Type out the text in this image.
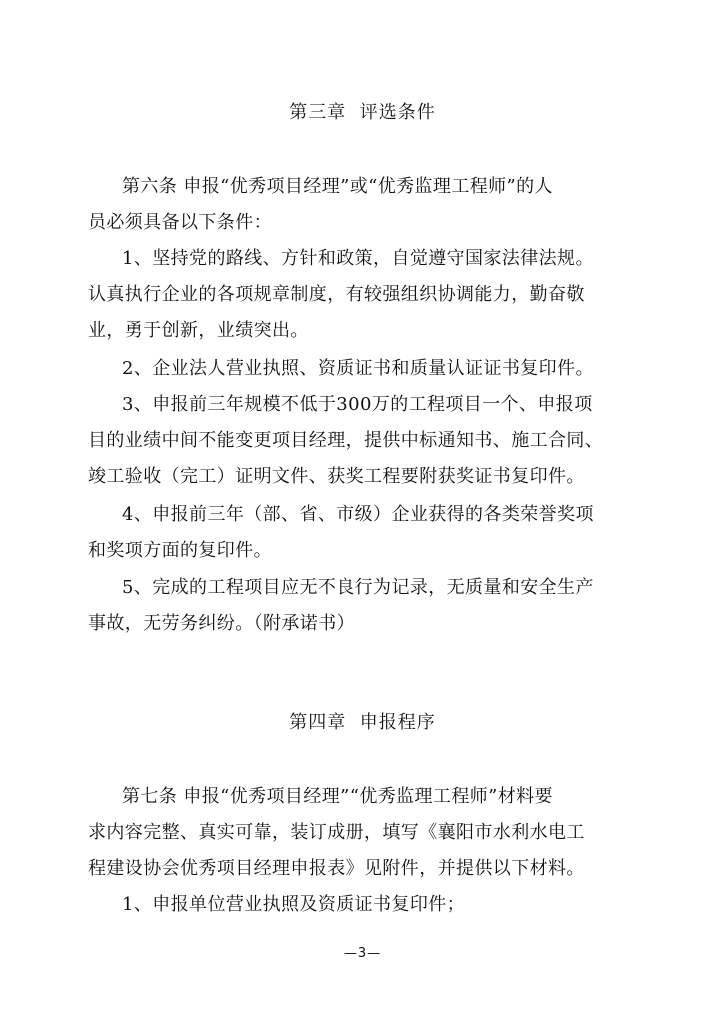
第三章  评选条件
第六条 申报“优秀项目经理”或“优秀监理工程师”的人
员必须具备以下条件：
1、坚持党的路线、方针和政策，自觉遵守国家法律法规。
认真执行企业的各项规章制度，有较强组织协调能力，勤奋敬
业，勇于创新，业绩突出。
2、企业法人营业执照、资质证书和质量认证证书复印件。
3、申报前三年规模不低于300万的工程项目一个、申报项
目的业绩中间不能变更项目经理，提供中标通知书、施工合同、
竣工验收（完工）证明文件、获奖工程要附获奖证书复印件。
4、申报前三年（部、省、市级）企业获得的各类荣誉奖项
和奖项方面的复印件。
5、完成的工程项目应无不良行为记录，无质量和安全生产
事故，无劳务纠纷。（附承诺书）
第四章  申报程序
第七条 申报“优秀项目经理”“优秀监理工程师”材料要
求内容完整、真实可靠，装订成册，填写《襄阳市水利水电工
程建设协会优秀项目经理申报表》见附件，并提供以下材料。
1、申报单位营业执照及资质证书复印件；
—3—
